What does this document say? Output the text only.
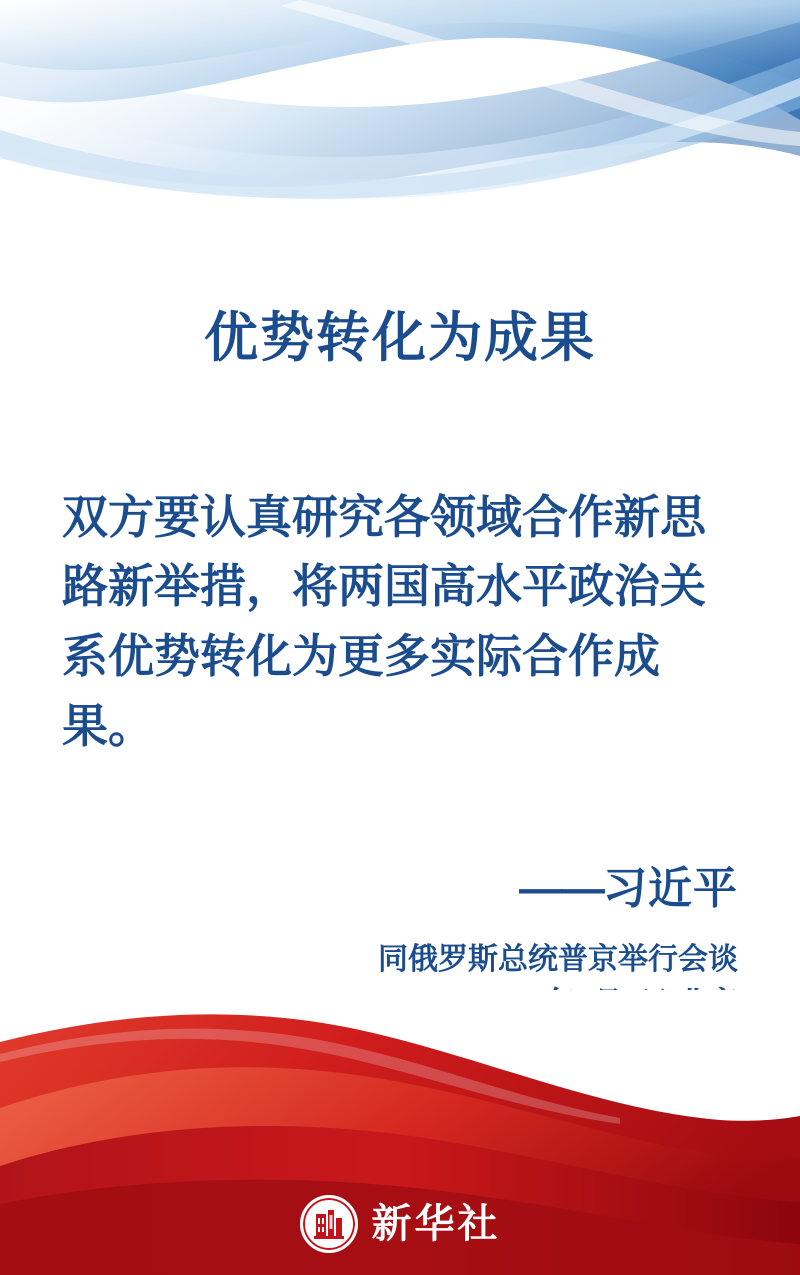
优势转化为成果
双方要认真研究各领域合作新思路新举措，将两国高水平政治关系优势转化为更多实际合作成果。
——习近平
同俄罗斯总统普京举行会谈
新华社
